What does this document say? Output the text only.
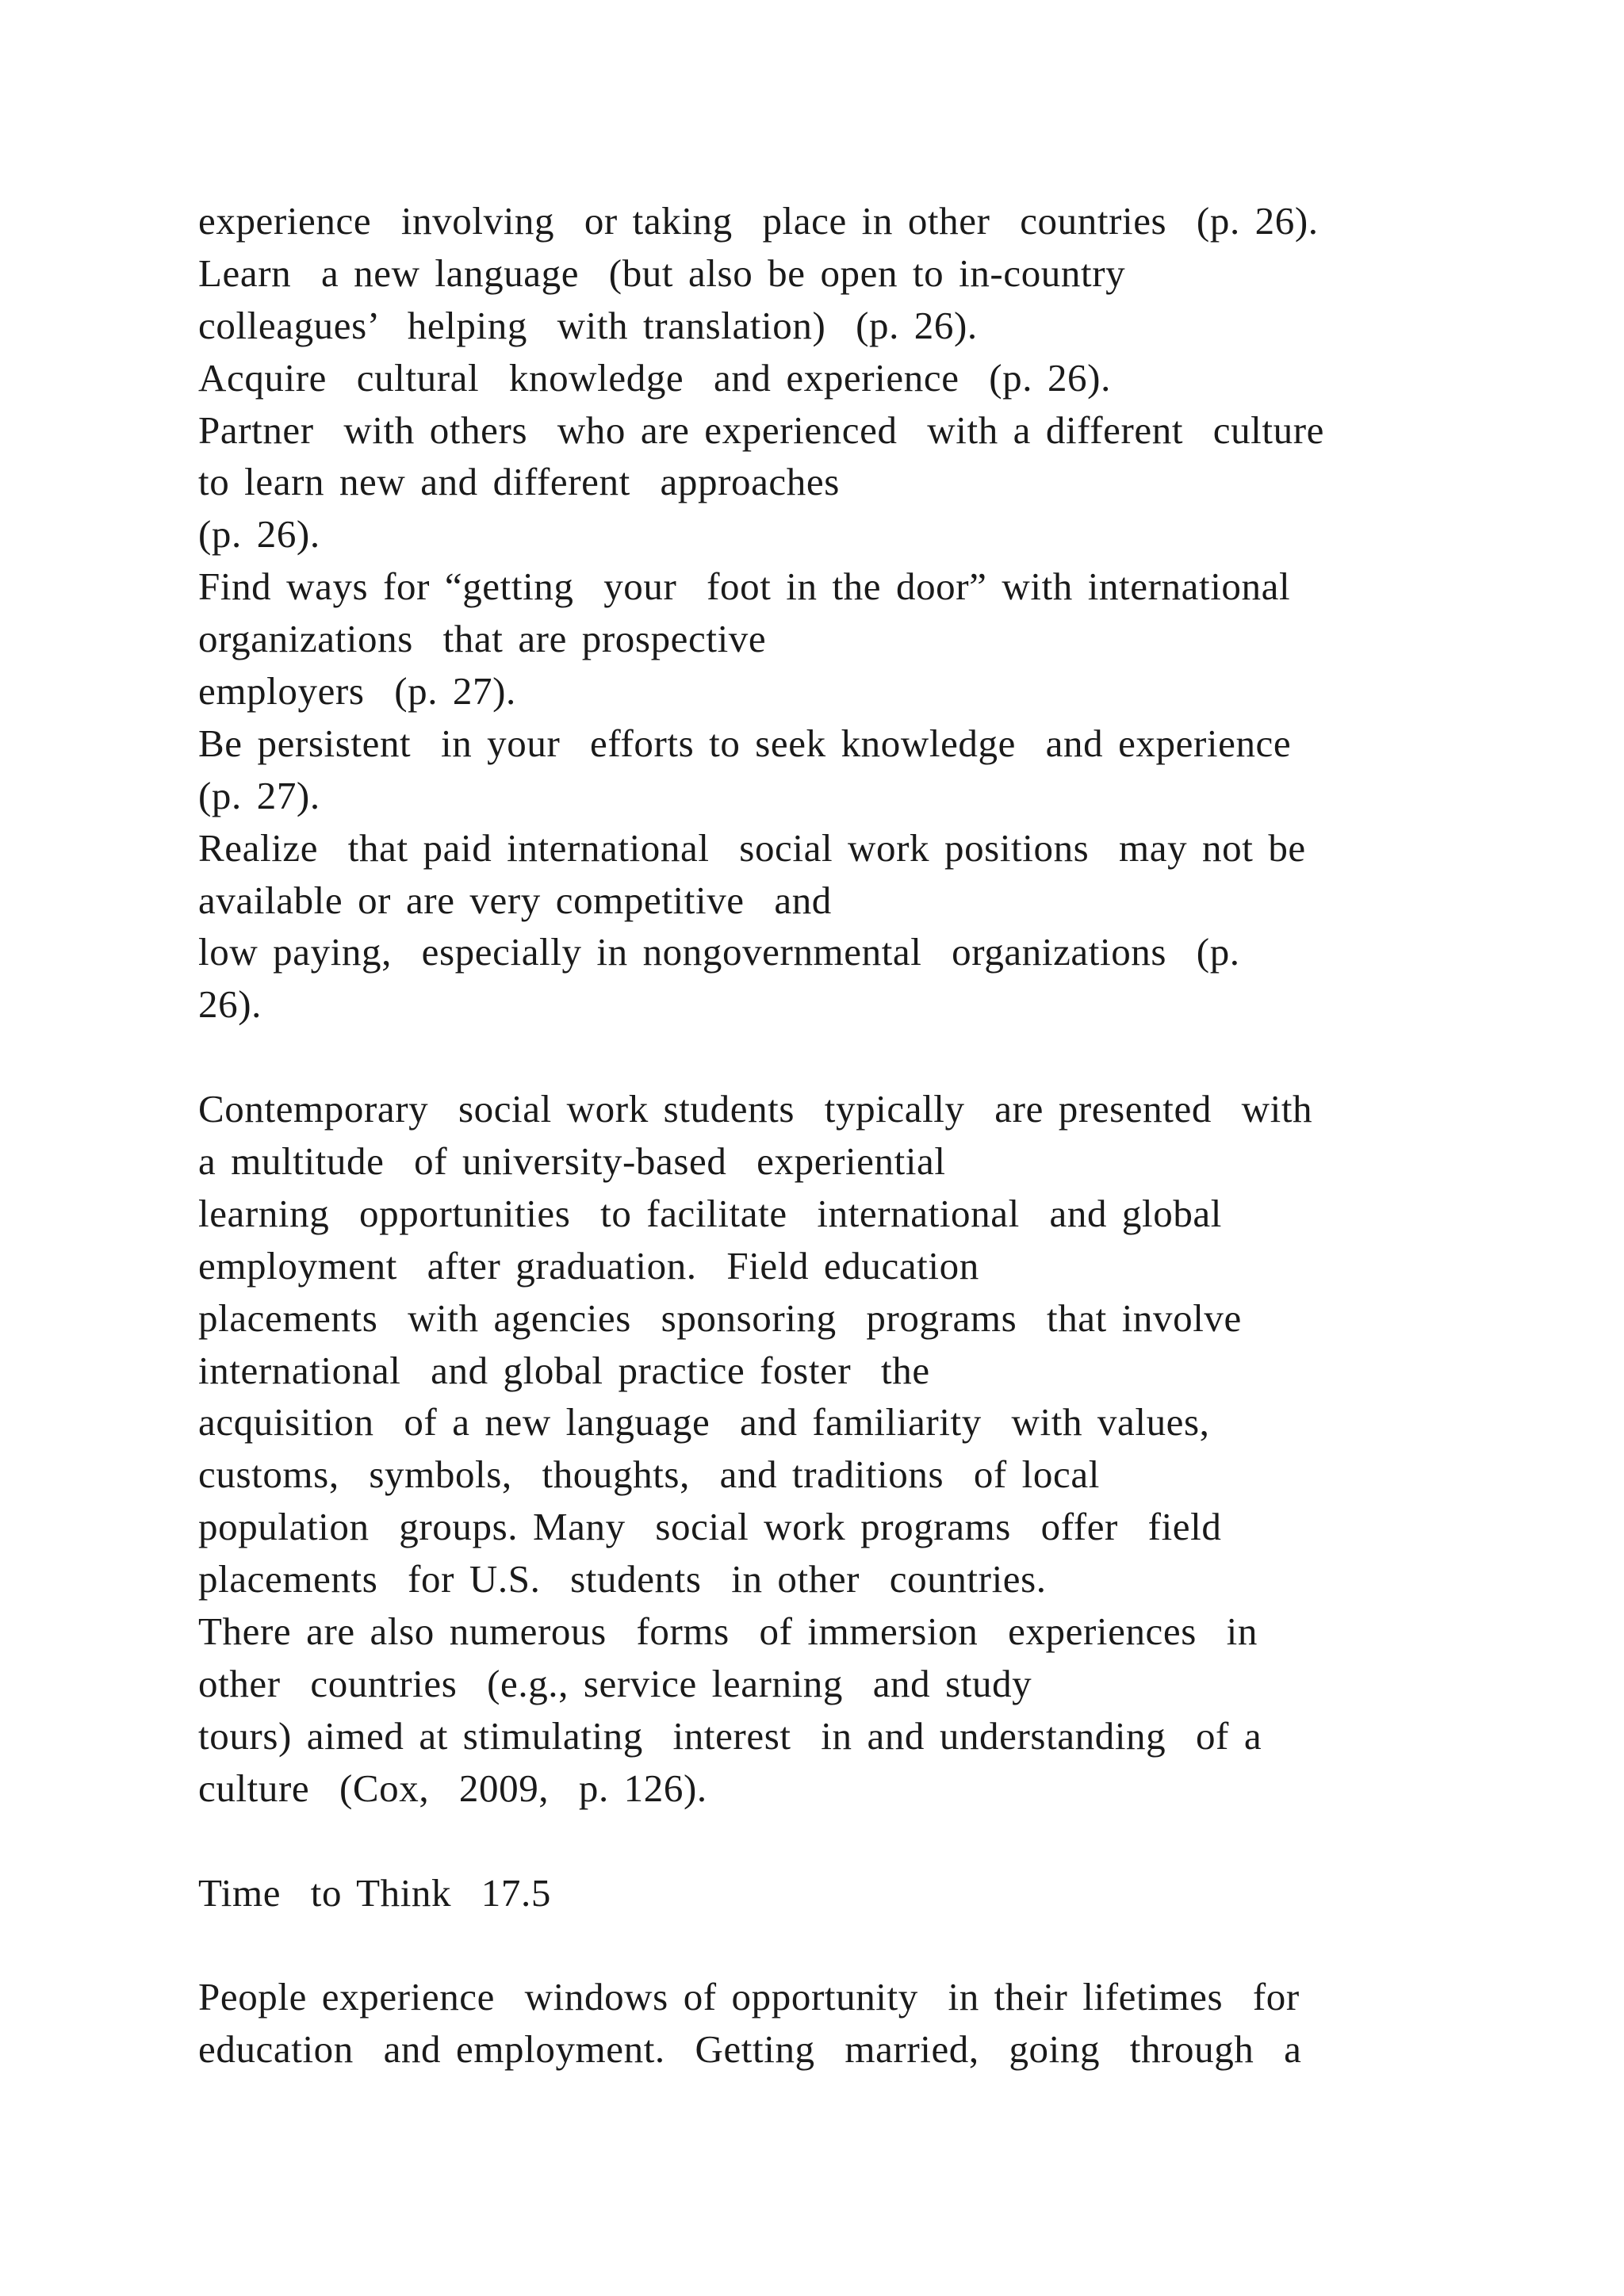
experience  involving  or taking  place in other  countries  (p. 26).
Learn  a new language  (but also be open to in-country
colleagues’  helping  with translation)  (p. 26).
Acquire  cultural  knowledge  and experience  (p. 26).
Partner  with others  who are experienced  with a different  culture
to learn new and different  approaches
(p. 26).
Find ways for “getting  your  foot in the door” with international
organizations  that are prospective
employers  (p. 27).
Be persistent  in your  efforts to seek knowledge  and experience
(p. 27).
Realize  that paid international  social work positions  may not be
available or are very competitive  and
low paying,  especially in nongovernmental  organizations  (p.
26).
Contemporary  social work students  typically  are presented  with
a multitude  of university-based  experiential
learning  opportunities  to facilitate  international  and global
employment  after graduation.  Field education
placements  with agencies  sponsoring  programs  that involve
international  and global practice foster  the
acquisition  of a new language  and familiarity  with values,
customs,  symbols,  thoughts,  and traditions  of local
population  groups. Many  social work programs  offer  field
placements  for U.S.  students  in other  countries.
There are also numerous  forms  of immersion  experiences  in
other  countries  (e.g., service learning  and study
tours) aimed at stimulating  interest  in and understanding  of a
culture  (Cox,  2009,  p. 126).
Time  to Think  17.5
People experience  windows of opportunity  in their lifetimes  for
education  and employment.  Getting  married,  going  through  a
